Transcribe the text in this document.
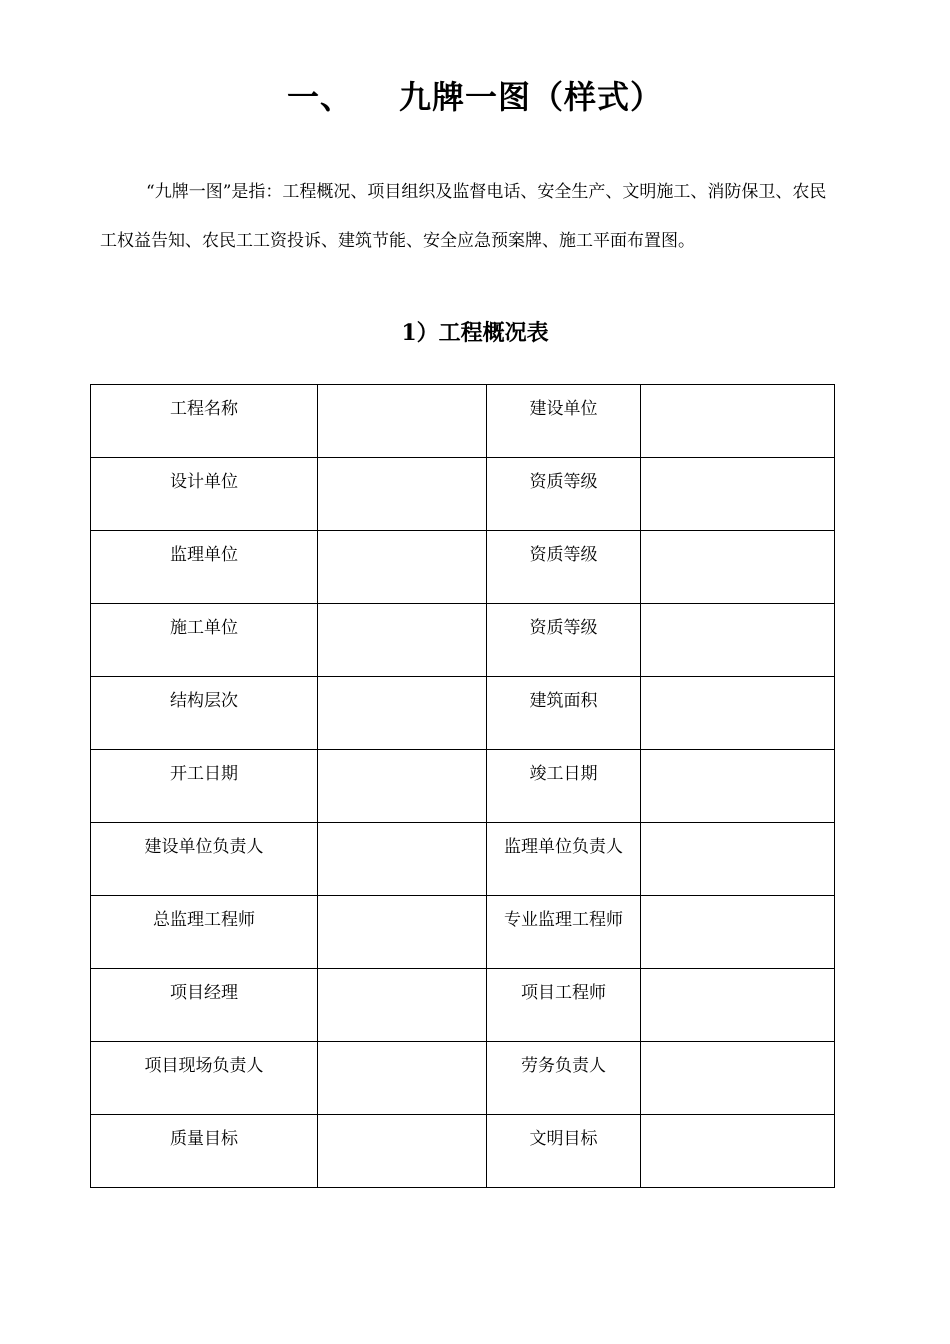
一、 九牌一图（样式）

“九牌一图”是指：工程概况、项目组织及监督电话、安全生产、文明施工、消防保卫、农民工权益告知、农民工工资投诉、建筑节能、安全应急预案牌、施工平面布置图。

1）工程概况表
工程名称		建设单位	

设计单位		资质等级	

监理单位		资质等级	

施工单位		资质等级	

结构层次		建筑面积	

开工日期		竣工日期	

建设单位负责人		监理单位负责人	

总监理工程师		专业监理工程师	

项目经理		项目工程师	

项目现场负责人		劳务负责人	

质量目标		文明目标	
